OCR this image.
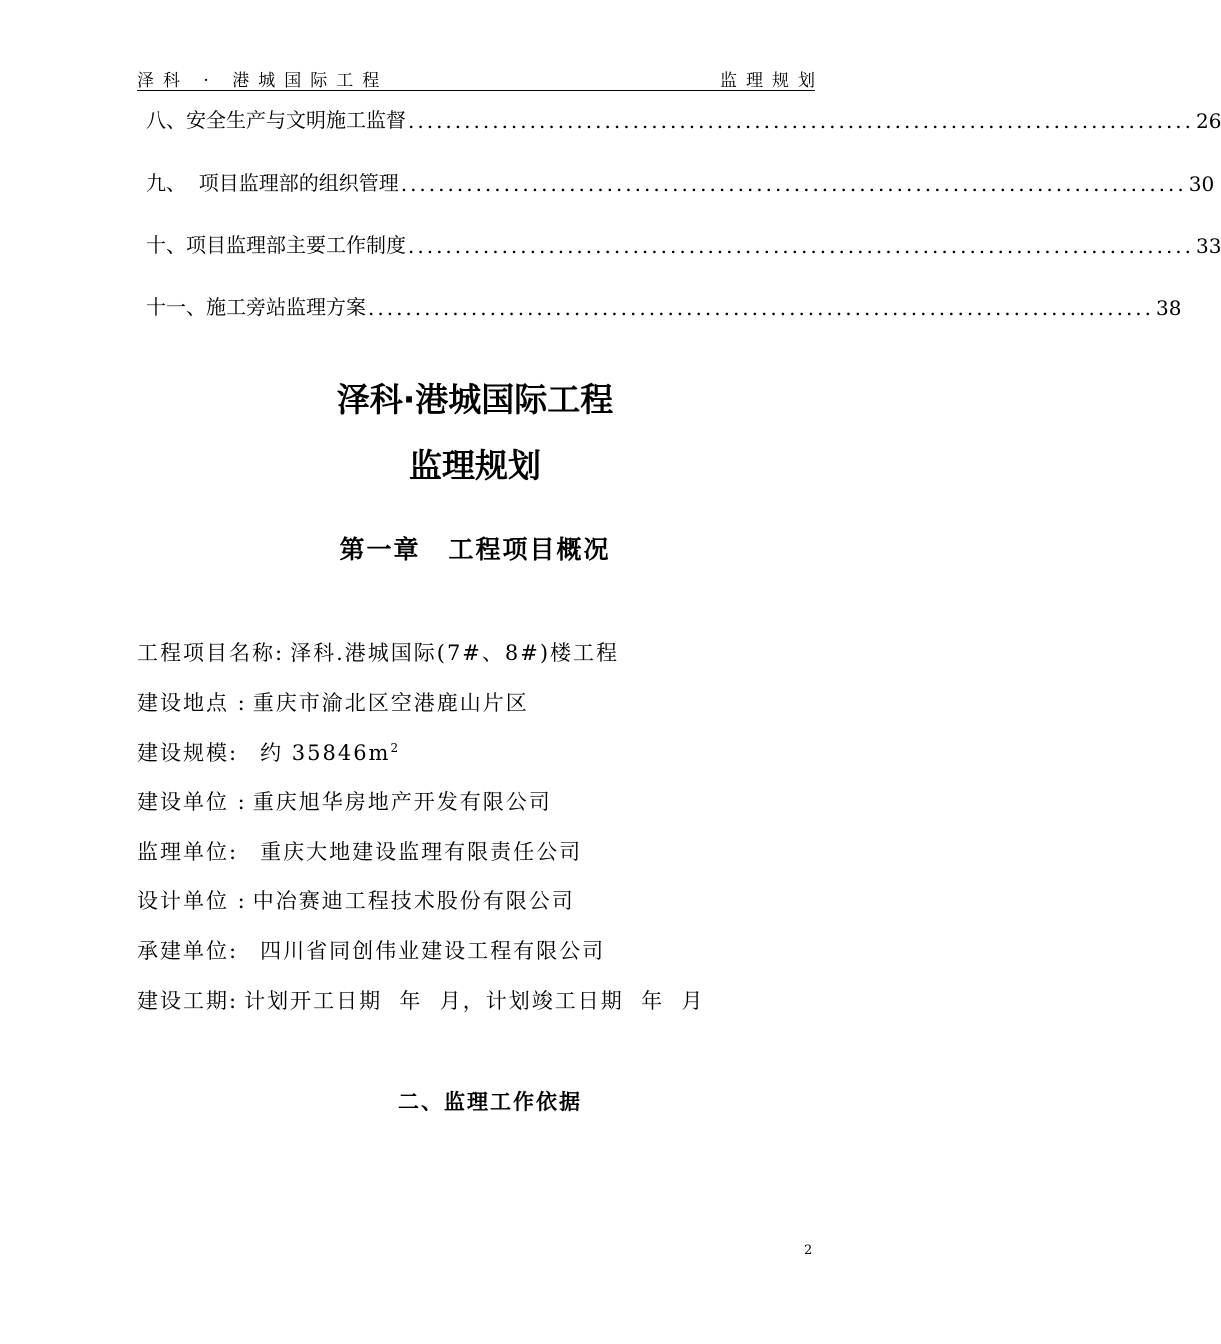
泽科 · 港城国际工程	监理规划
八、安全生产与文明施工监督 .................................................................................... 26
九、  项目监理部的组织管理 .................................................................................... 30
十、项目监理部主要工作制度 .................................................................................... 33
十一、施工旁站监理方案 .................................................................................... 38
泽科·港城国际工程
监理规划
第一章 工程项目概况
工程项目名称: 泽科.港城国际(7#、8#)楼工程
建设地点 : 重庆市渝北区空港鹿山片区
建设规模: 约 $35846m^2$
建设单位 : 重庆旭华房地产开发有限公司
监理单位: 重庆大地建设监理有限责任公司
设计单位 : 中冶赛迪工程技术股份有限公司
承建单位: 四川省同创伟业建设工程有限公司
建设工期: 计划开工日期  年  月，计划竣工日期  年  月
二、监理工作依据
2
